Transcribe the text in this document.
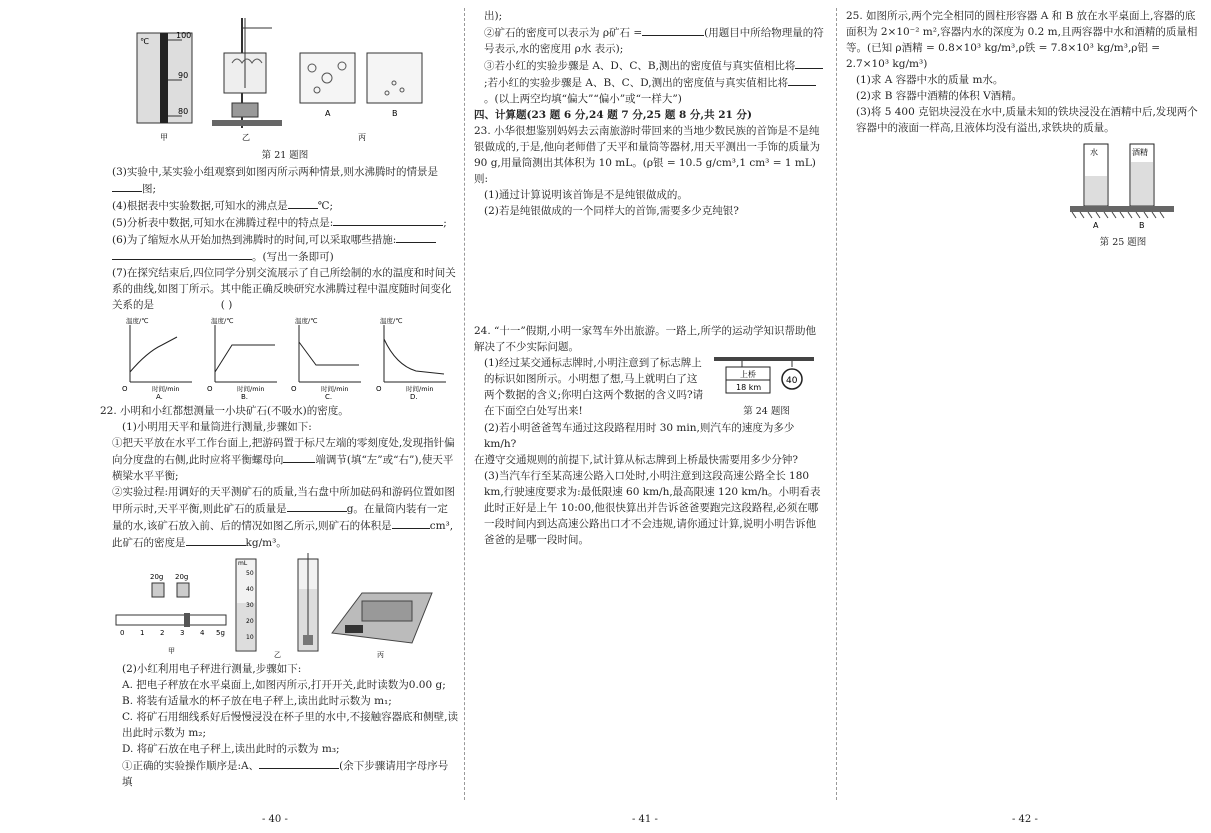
℃
100
90
80
甲	乙
A	B
丙

第 21 题图

(3)实验中,某实验小组观察到如图丙所示两种情景,则水沸腾时的情景是图;

(4)根据表中实验数据,可知水的沸点是	℃;

(5)分析表中数据,可知水在沸腾过程中的特点是:	;

(6)为了缩短水从开始加热到沸腾时的时间,可以采取哪些措施:。(写出一条即可)

(7)在探究结束后,四位同学分别交流展示了自己所绘制的水的温度和时间关系的曲线,如图丁所示。其中能正确反映研究水沸腾过程中温度随时间变化关系的是	( )

温度/℃
时间/min
O
A.
温度/℃
时间/min
O
B.
温度/℃
时间/min
O
C.
温度/℃
时间/min
O
D.

22. 小明和小红都想测量一小块矿石(不吸水)的密度。

(1)小明用天平和量筒进行测量,步骤如下:

①把天平放在水平工作台面上,把游码置于标尺左端的零刻度处,发现指针偏向分度盘的右侧,此时应将平衡螺母向	端调节(填“左”或“右”),使天平横梁水平平衡;

②实验过程:用调好的天平测矿石的质量,当右盘中所加砝码和游码位置如图甲所示时,天平平衡,则此矿石的质量是	g。在量筒内装有一定量的水,该矿石放入前、后的情况如图乙所示,则矿石的体积是	cm³,此矿石的密度是	kg/m³。

20g 20g
0 1 2 3 4 5g
甲
mL
50
40
30
20
10
乙	丙

(2)小红利用电子秤进行测量,步骤如下:

A. 把电子秤放在水平桌面上,如图丙所示,打开开关,此时读数为0.00 g;

B. 将装有适量水的杯子放在电子秤上,读出此时示数为 m₁;

C. 将矿石用细线系好后慢慢浸没在杯子里的水中,不接触容器底和侧壁,读出此时示数为 m₂;

D. 将矿石放在电子秤上,读出此时的示数为 m₃;

①正确的实验操作顺序是:A、	(余下步骤请用字母序号填

- 40 -

出);

②矿石的密度可以表示为 ρ矿石 =	(用题目中所给物理量的符号表示,水的密度用 ρ水 表示);

③若小红的实验步骤是 A、D、C、B,测出的密度值与真实值相比将;若小红的实验步骤是 A、B、C、D,测出的密度值与真实值相比将。(以上两空均填“偏大”“偏小”或“一样大”)

四、计算题(23 题 6 分,24 题 7 分,25 题 8 分,共 21 分)

23. 小华很想鉴别妈妈去云南旅游时带回来的当地少数民族的首饰是不是纯银做成的,于是,他向老师借了天平和量筒等器材,用天平测出一手饰的质量为 90 g,用量筒测出其体积为 10 mL。(ρ银 = 10.5 g/cm³,1 cm³ = 1 mL)则:

(1)通过计算说明该首饰是不是纯银做成的。

(2)若是纯银做成的一个同样大的首饰,需要多少克纯银?

24. “十一”假期,小明一家驾车外出旅游。一路上,所学的运动学知识帮助他解决了不少实际问题。

(1)经过某交通标志牌时,小明注意到了标志牌上的标识如图所示。小明想了想,马上就明白了这两个数据的含义;你明白这两个数据的含义吗?请在下面空白处写出来!

上桥
18 km
40

第 24 题图

(2)若小明爸爸驾车通过这段路程用时 30 min,则汽车的速度为多少 km/h?

在遵守交通规则的前提下,试计算从标志牌到上桥最快需要用多少分钟?

(3)当汽车行至某高速公路入口处时,小明注意到这段高速公路全长 180 km,行驶速度要求为:最低限速 60 km/h,最高限速 120 km/h。小明看表此时正好是上午 10:00,他很快算出并告诉爸爸要跑完这段路程,必须在哪一段时间内到达高速公路出口才不会违规,请你通过计算,说明小明告诉他爸爸的是哪一段时间。

- 41 -

25. 如图所示,两个完全相同的圆柱形容器 A 和 B 放在水平桌面上,容器的底面积为 2×10⁻² m²,容器内水的深度为 0.2 m,且两容器中水和酒精的质量相等。(已知 ρ酒精 = 0.8×10³ kg/m³,ρ铁 = 7.8×10³ kg/m³,ρ铝 = 2.7×10³ kg/m³)

(1)求 A 容器中水的质量 m水。

(2)求 B 容器中酒精的体积 V酒精。

(3)将 5 400 克铝块浸没在水中,质量未知的铁块浸没在酒精中后,发现两个容器中的液面一样高,且液体均没有溢出,求铁块的质量。

水	酒精
A	B

第 25 题图

- 42 -
